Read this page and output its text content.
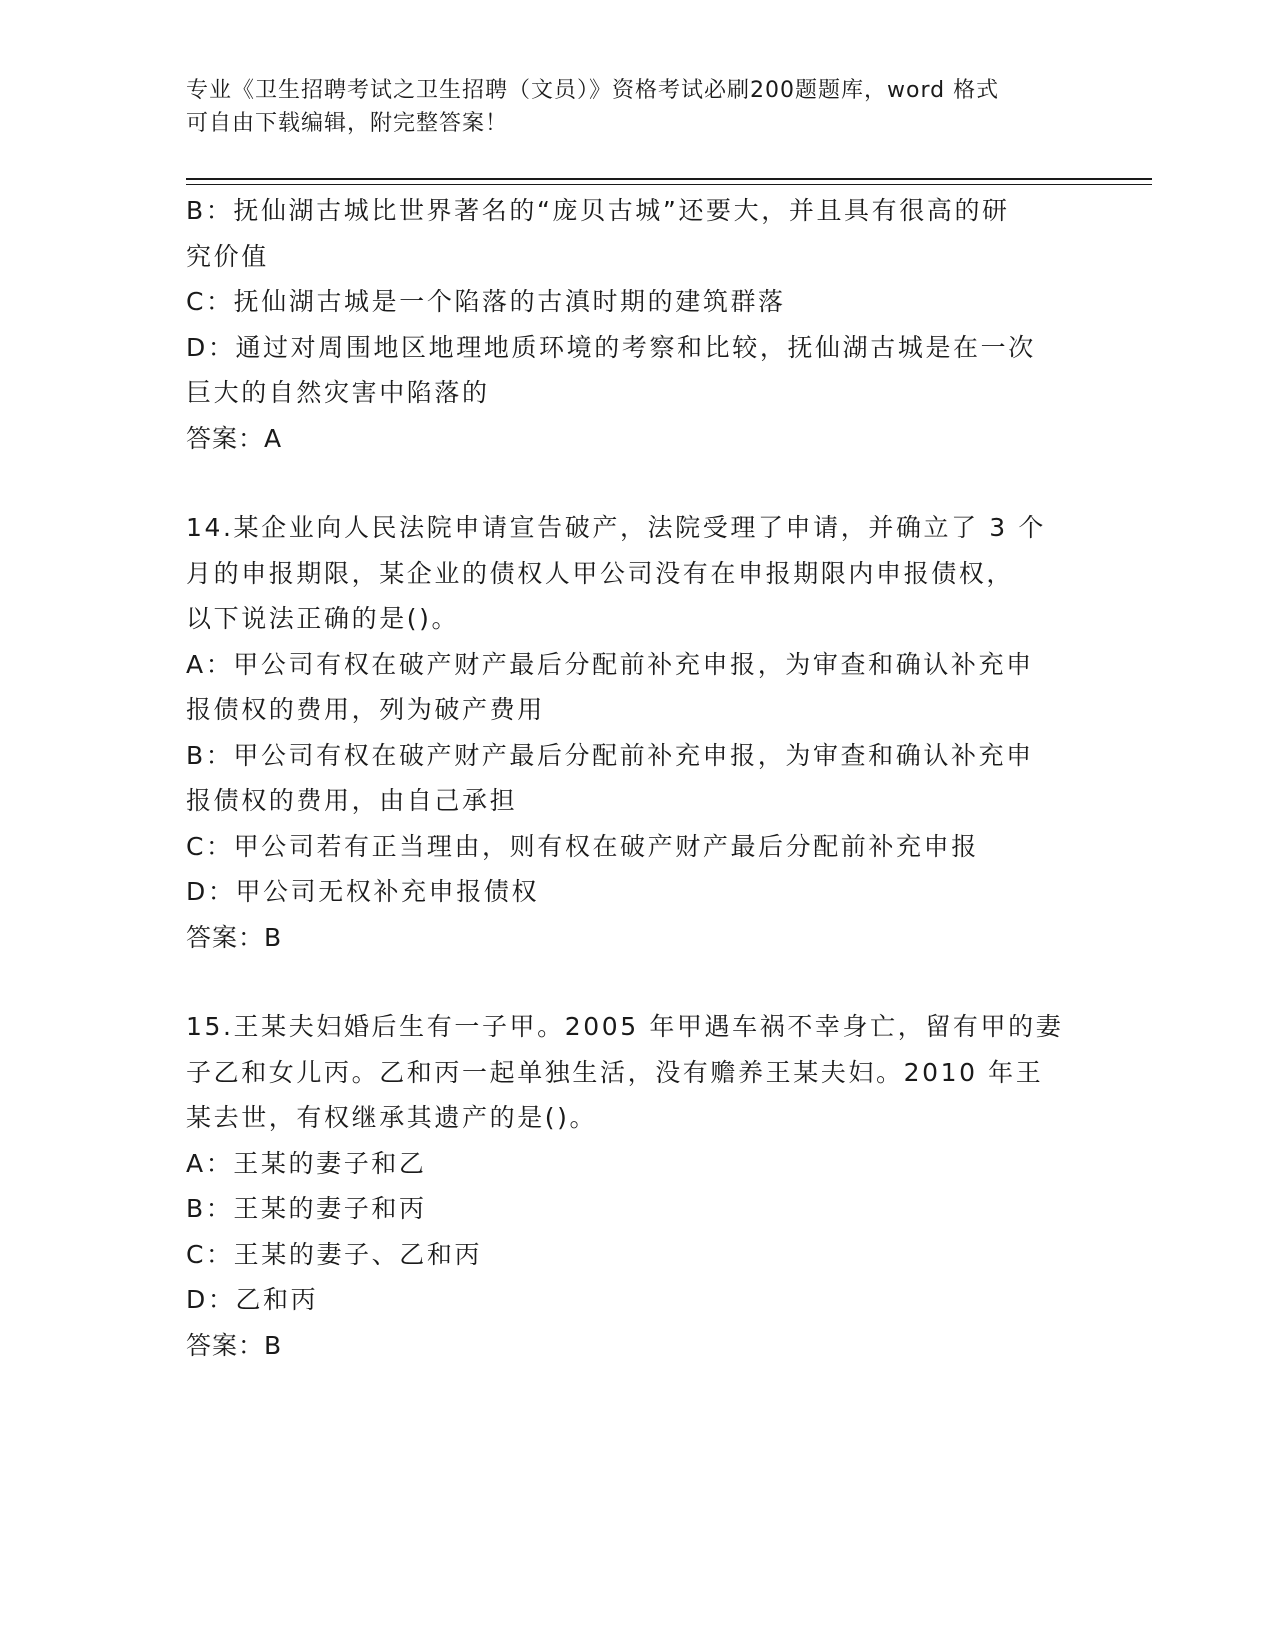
专业《卫生招聘考试之卫生招聘（文员）》资格考试必刷200题题库，word 格式
可自由下载编辑，附完整答案！
B：抚仙湖古城比世界著名的“庞贝古城”还要大，并且具有很高的研
究价值
C：抚仙湖古城是一个陷落的古滇时期的建筑群落
D：通过对周围地区地理地质环境的考察和比较，抚仙湖古城是在一次
巨大的自然灾害中陷落的
答案：A
14.某企业向人民法院申请宣告破产，法院受理了申请，并确立了 3 个
月的申报期限，某企业的债权人甲公司没有在申报期限内申报债权，
以下说法正确的是()。
A：甲公司有权在破产财产最后分配前补充申报，为审查和确认补充申
报债权的费用，列为破产费用
B：甲公司有权在破产财产最后分配前补充申报，为审查和确认补充申
报债权的费用，由自己承担
C：甲公司若有正当理由，则有权在破产财产最后分配前补充申报
D：甲公司无权补充申报债权
答案：B
15.王某夫妇婚后生有一子甲。2005 年甲遇车祸不幸身亡，留有甲的妻
子乙和女儿丙。乙和丙一起单独生活，没有赡养王某夫妇。2010 年王
某去世，有权继承其遗产的是()。
A：王某的妻子和乙
B：王某的妻子和丙
C：王某的妻子、乙和丙
D：乙和丙
答案：B
